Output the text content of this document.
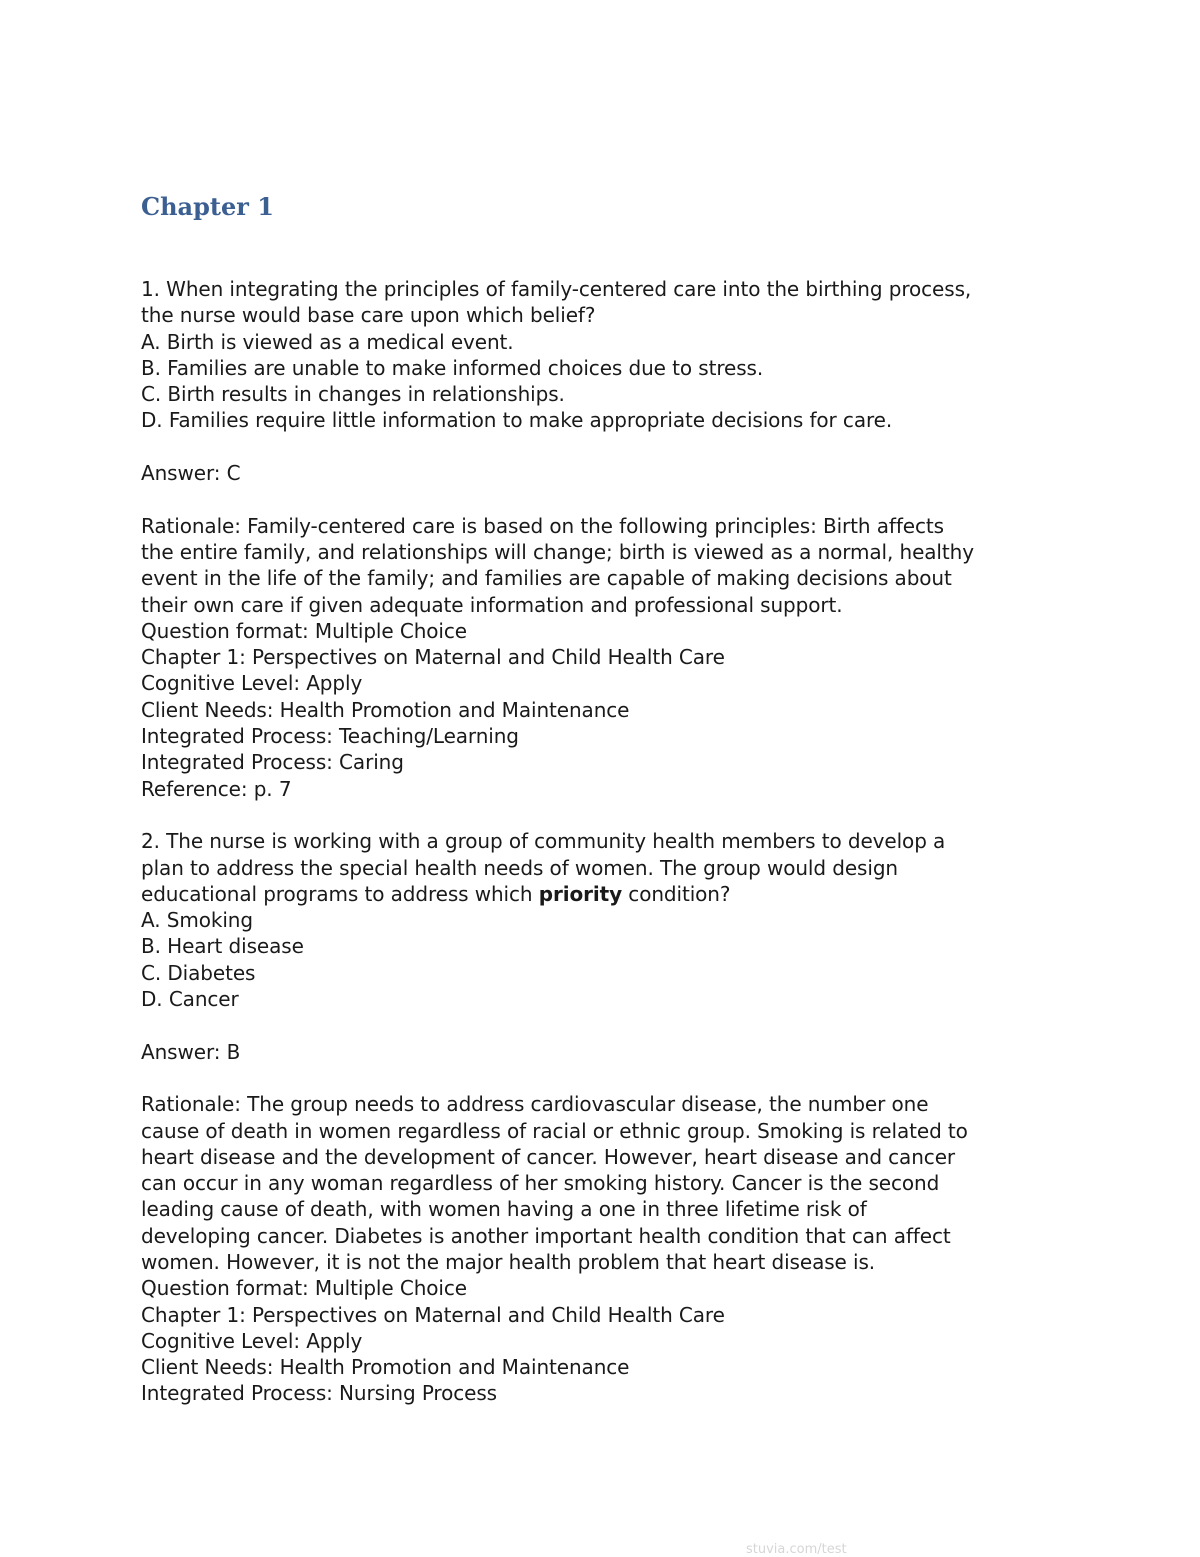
Chapter 1

1. When integrating the principles of family-centered care into the birthing process,

the nurse would base care upon which belief?

A. Birth is viewed as a medical event.

B. Families are unable to make informed choices due to stress.

C. Birth results in changes in relationships.

D. Families require little information to make appropriate decisions for care.

Answer: C

Rationale: Family-centered care is based on the following principles: Birth affects

the entire family, and relationships will change; birth is viewed as a normal, healthy

event in the life of the family; and families are capable of making decisions about

their own care if given adequate information and professional support.

Question format: Multiple Choice

Chapter 1: Perspectives on Maternal and Child Health Care

Cognitive Level: Apply

Client Needs: Health Promotion and Maintenance

Integrated Process: Teaching/Learning

Integrated Process: Caring

Reference: p. 7

2. The nurse is working with a group of community health members to develop a

plan to address the special health needs of women. The group would design

educational programs to address which priority condition?

A. Smoking

B. Heart disease

C. Diabetes

D. Cancer

Answer: B

Rationale: The group needs to address cardiovascular disease, the number one

cause of death in women regardless of racial or ethnic group. Smoking is related to

heart disease and the development of cancer. However, heart disease and cancer

can occur in any woman regardless of her smoking history. Cancer is the second

leading cause of death, with women having a one in three lifetime risk of

developing cancer. Diabetes is another important health condition that can affect

women. However, it is not the major health problem that heart disease is.

Question format: Multiple Choice

Chapter 1: Perspectives on Maternal and Child Health Care

Cognitive Level: Apply

Client Needs: Health Promotion and Maintenance

Integrated Process: Nursing Process

stuvia.com/test
